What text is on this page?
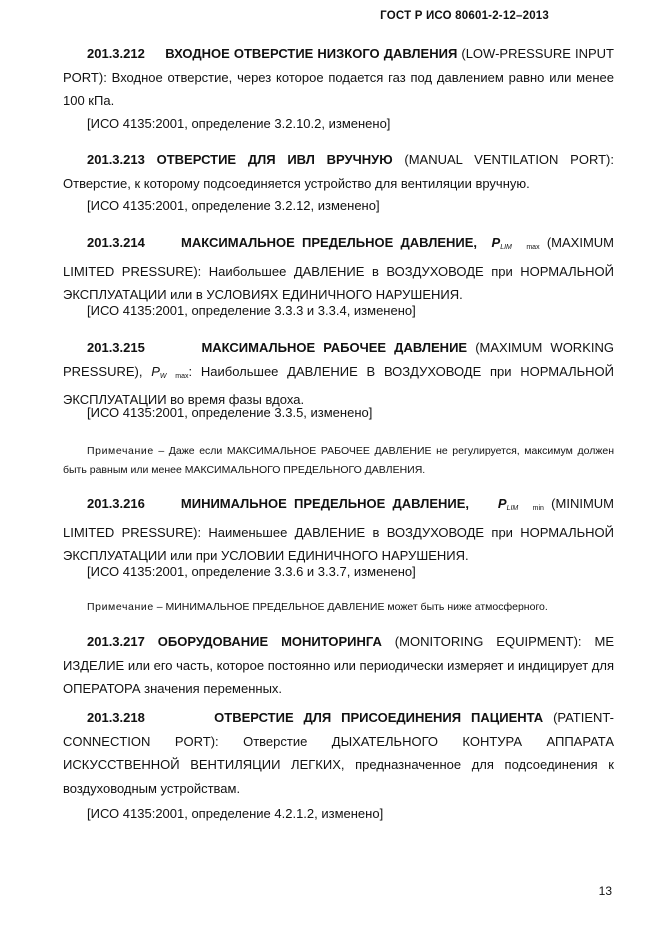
ГОСТ Р ИСО 80601-2-12–2013

201.3.212 ВХОДНОЕ ОТВЕРСТИЕ НИЗКОГО ДАВЛЕНИЯ (LOW-PRESSURE INPUT PORT): Входное отверстие, через которое подается газ под давлением равно или менее 100 кПа.

[ИСО 4135:2001, определение 3.2.10.2, изменено]

201.3.213 ОТВЕРСТИЕ ДЛЯ ИВЛ ВРУЧНУЮ (MANUAL VENTILATION PORT): Отверстие, к которому подсоединяется устройство для вентиляции вручную.

[ИСО 4135:2001, определение 3.2.12, изменено]

201.3.214	МАКСИМАЛЬНОЕ ПРЕДЕЛЬНОЕ ДАВЛЕНИЕ, $P_{LIM}$ max (MAXIMUM LIMITED PRESSURE): Наибольшее ДАВЛЕНИЕ в ВОЗДУХОВОДЕ при НОРМАЛЬНОЙ ЭКСПЛУАТАЦИИ или в УСЛОВИЯХ ЕДИНИЧНОГО НАРУШЕНИЯ.

[ИСО 4135:2001, определение 3.3.3 и 3.3.4, изменено]

201.3.215	МАКСИМАЛЬНОЕ РАБОЧЕЕ ДАВЛЕНИЕ (MAXIMUM WORKING PRESSURE), $P_W$ max: Наибольшее ДАВЛЕНИЕ В ВОЗДУХОВОДЕ при НОРМАЛЬНОЙ ЭКСПЛУАТАЦИИ во время фазы вдоха.

[ИСО 4135:2001, определение 3.3.5, изменено]

Примечание – Даже если МАКСИМАЛЬНОЕ РАБОЧЕЕ ДАВЛЕНИЕ не регулируется, максимум должен быть равным или менее МАКСИМАЛЬНОГО ПРЕДЕЛЬНОГО ДАВЛЕНИЯ.

201.3.216	МИНИМАЛЬНОЕ ПРЕДЕЛЬНОЕ ДАВЛЕНИЕ, $P_{LIM}$ min (MINIMUM LIMITED PRESSURE): Наименьшее ДАВЛЕНИЕ в ВОЗДУХОВОДЕ при НОРМАЛЬНОЙ ЭКСПЛУАТАЦИИ или при УСЛОВИИ ЕДИНИЧНОГО НАРУШЕНИЯ.

[ИСО 4135:2001, определение 3.3.6 и 3.3.7, изменено]

Примечание – МИНИМАЛЬНОЕ ПРЕДЕЛЬНОЕ ДАВЛЕНИЕ может быть ниже атмосферного.

201.3.217 ОБОРУДОВАНИЕ МОНИТОРИНГА (MONITORING EQUIPMENT): МЕ ИЗДЕЛИЕ или его часть, которое постоянно или периодически измеряет и индицирует для ОПЕРАТОРА значения переменных.

201.3.218	ОТВЕРСТИЕ ДЛЯ ПРИСОЕДИНЕНИЯ ПАЦИЕНТА (PATIENT-CONNECTION PORT): Отверстие ДЫХАТЕЛЬНОГО КОНТУРА АППАРАТА ИСКУССТВЕННОЙ ВЕНТИЛЯЦИИ ЛЕГКИХ, предназначенное для подсоединения к воздуховодным устройствам.

[ИСО 4135:2001, определение 4.2.1.2, изменено]
13
